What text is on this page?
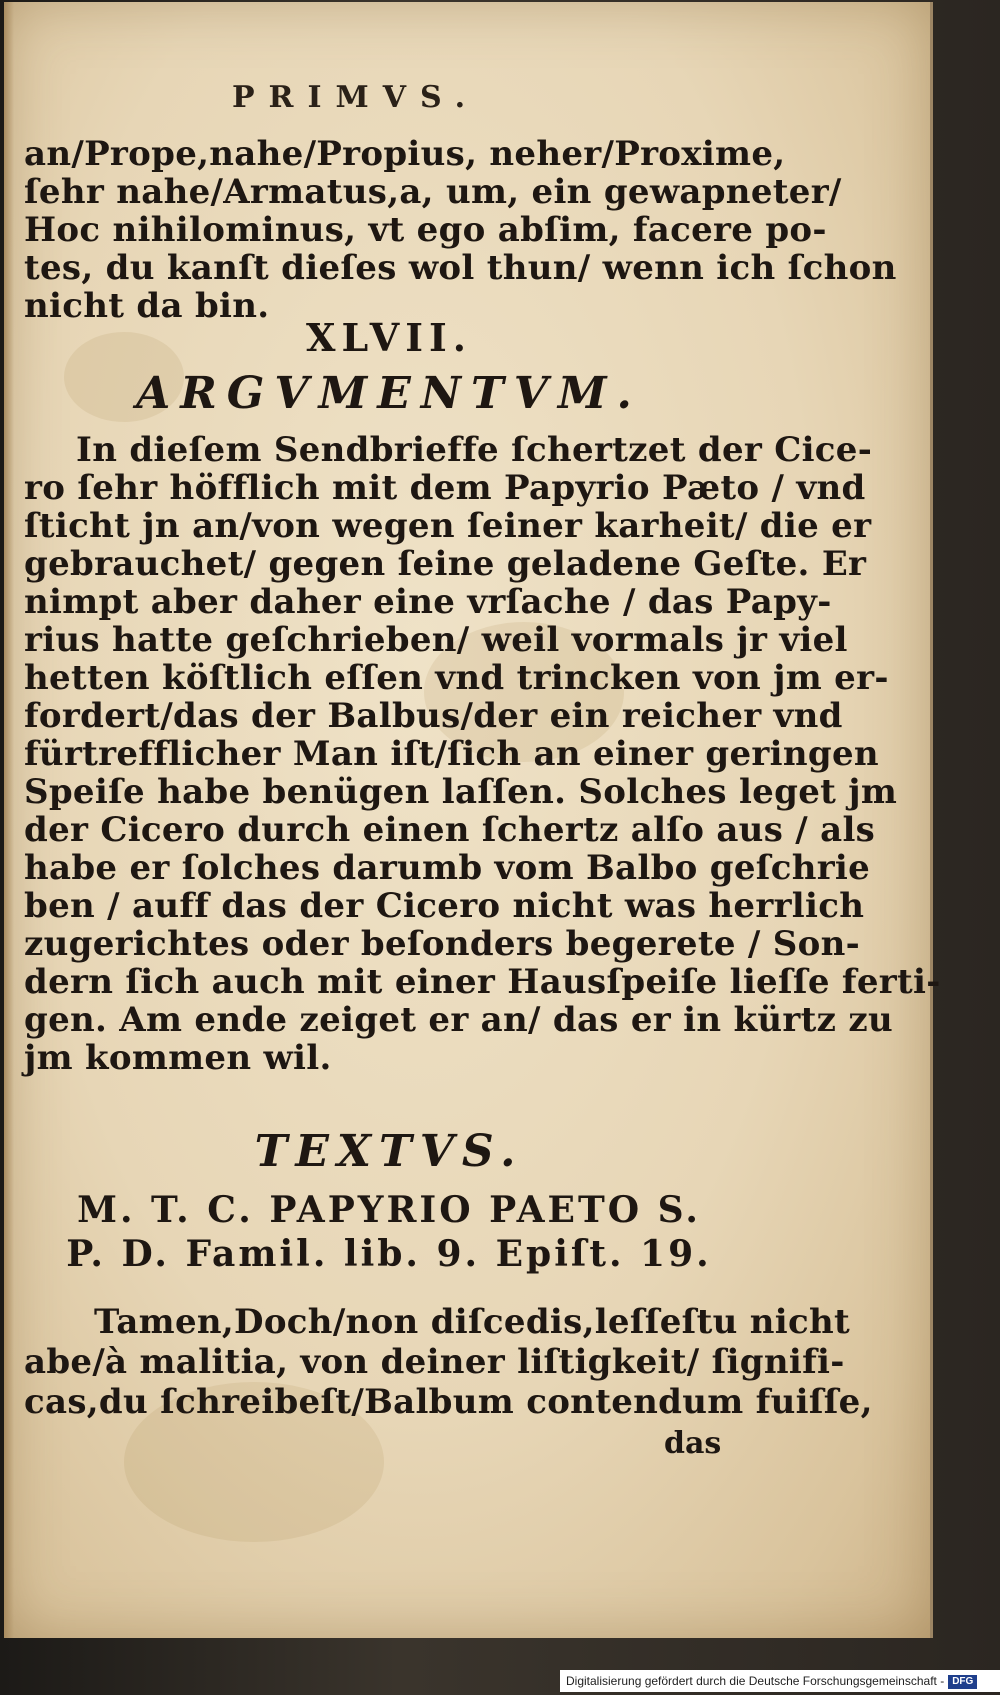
PRIMVS.
an/Prope,nahe/Propius, neher/Proxime,
ſehr nahe/Armatus,a, um, ein gewapneter/
Hoc nihilominus, vt ego abſim, facere po-
tes, du kanſt dieſes wol thun/ wenn ich ſchon
nicht da bin.
XLVII.
ARGVMENTVM.
In dieſem Sendbrieffe ſchertzet der Cice-
ro ſehr höfflich mit dem Papyrio Pæto / vnd
ſticht jn an/von wegen ſeiner karheit/ die er
gebrauchet/ gegen ſeine geladene Geſte. Er
nimpt aber daher eine vrſache / das Papy-
rius hatte geſchrieben/ weil vormals jr viel
hetten köſtlich eſſen vnd trincken von jm er-
fordert/das der Balbus/der ein reicher vnd
fürtrefflicher Man iſt/ſich an einer geringen
Speiſe habe benügen laſſen. Solches leget jm
der Cicero durch einen ſchertz alſo aus / als
habe er ſolches darumb vom Balbo geſchrie
ben / auff das der Cicero nicht was herrlich
zugerichtes oder beſonders begerete / Son-
dern ſich auch mit einer Hausſpeiſe lieſſe ferti-
gen. Am ende zeiget er an/ das er in kürtz zu
jm kommen wil.
TEXTVS.
M. T. C. PAPYRIO PAETO S.
P. D. Famil. lib. 9. Epiſt. 19.
Tamen,Doch/non diſcedis,leſſeſtu nicht
abe/à malitia, von deiner liſtigkeit/ ſignifi-
cas,du ſchreibeſt/Balbum contendum fuiſſe,
das
Digitalisierung gefördert durch die Deutsche Forschungsgemeinschaft - DFG
